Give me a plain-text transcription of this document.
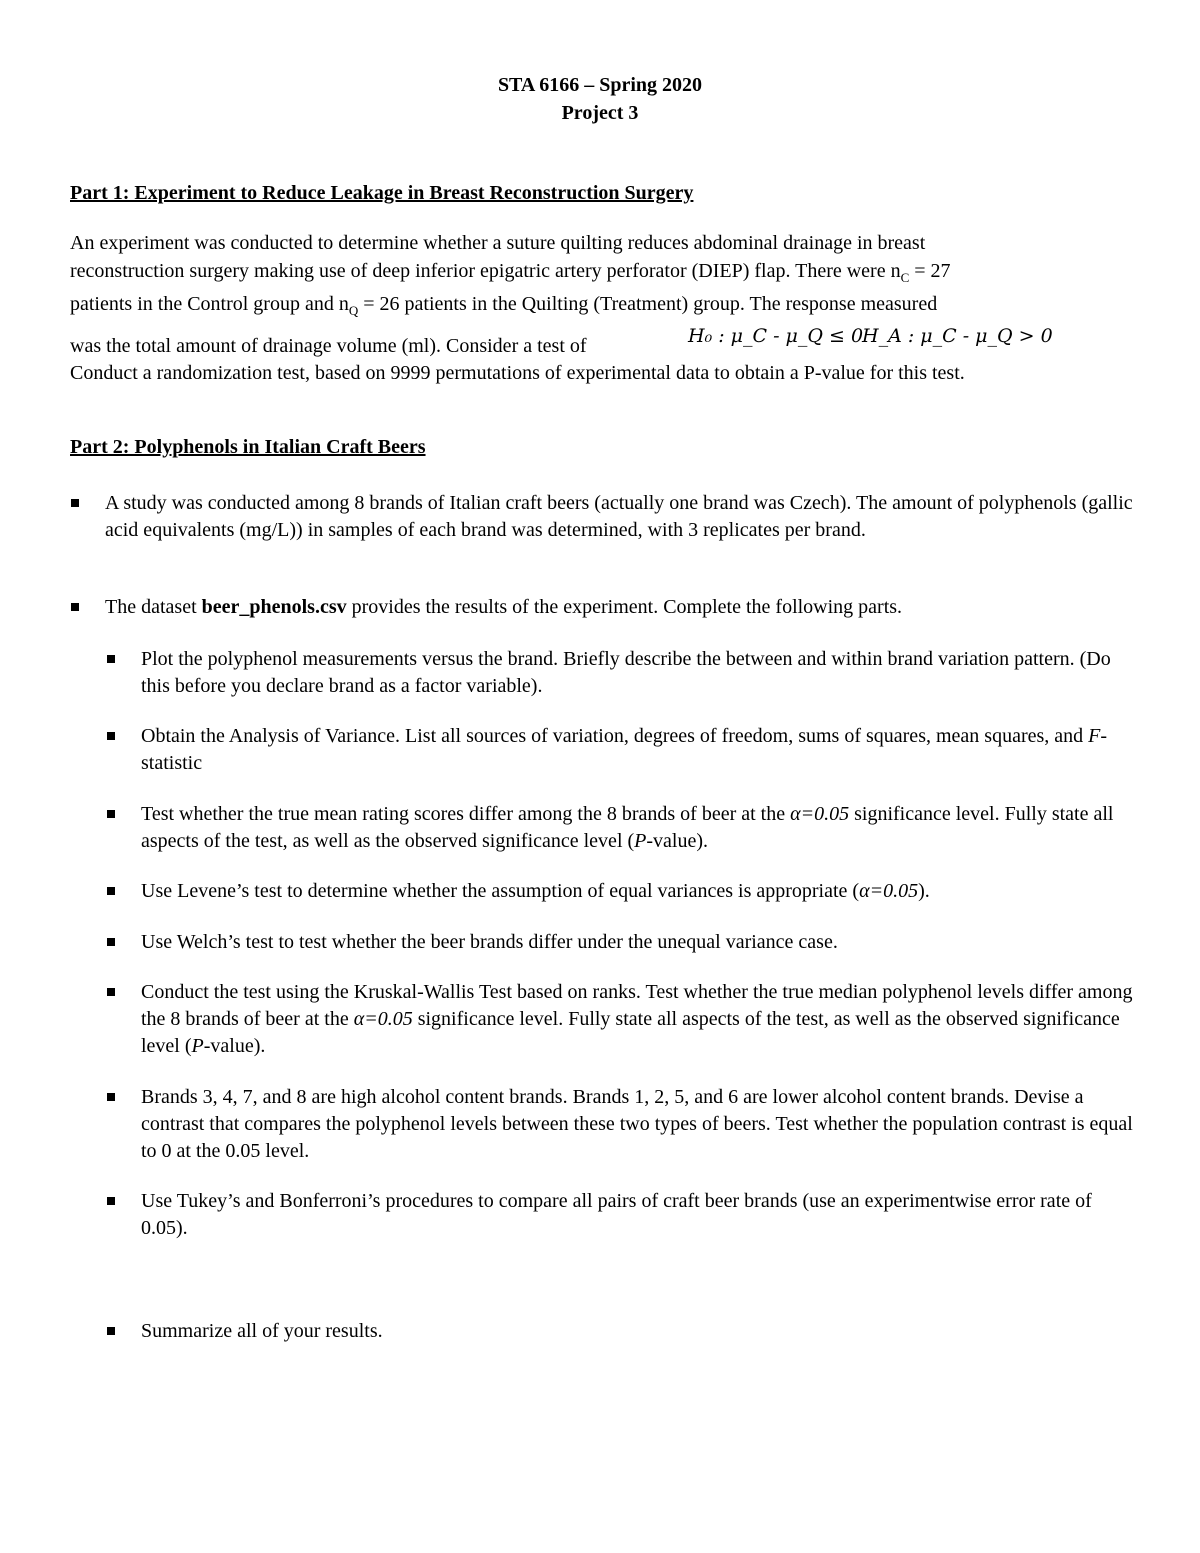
STA 6166 – Spring 2020
Project 3
Part 1: Experiment to Reduce Leakage in Breast Reconstruction Surgery
An experiment was conducted to determine whether a suture quilting reduces abdominal drainage in breast
reconstruction surgery making use of deep inferior epigatric artery perforator (DIEP) flap. There were $n_C = 27$
patients in the Control group and $n_Q = 26$ patients in the Quilting (Treatment) group. The response measured
was the total amount of drainage volume (ml). Consider a test of	H₀ : μ_C - μ_Q ≤ 0
H_A : μ_C - μ_Q > 0
Conduct a randomization test, based on 9999 permutations of experimental data to obtain a P-value for this test.
Part 2: Polyphenols in Italian Craft Beers
A study was conducted among 8 brands of Italian craft beers (actually one brand was Czech). The amount of polyphenols (gallic acid equivalents (mg/L)) in samples of each brand was determined, with 3 replicates per brand.
The dataset beer_phenols.csv provides the results of the experiment. Complete the following parts.
Plot the polyphenol measurements versus the brand. Briefly describe the between and within brand variation pattern. (Do this before you declare brand as a factor variable).
Obtain the Analysis of Variance. List all sources of variation, degrees of freedom, sums of squares, mean squares, and F-statistic
Test whether the true mean rating scores differ among the 8 brands of beer at the α=0.05 significance level. Fully state all aspects of the test, as well as the observed significance level (P-value).
Use Levene’s test to determine whether the assumption of equal variances is appropriate (α=0.05).
Use Welch’s test to test whether the beer brands differ under the unequal variance case.
Conduct the test using the Kruskal-Wallis Test based on ranks. Test whether the true median polyphenol levels differ among the 8 brands of beer at the α=0.05 significance level. Fully state all aspects of the test, as well as the observed significance level (P-value).
Brands 3, 4, 7, and 8 are high alcohol content brands. Brands 1, 2, 5, and 6 are lower alcohol content brands. Devise a contrast that compares the polyphenol levels between these two types of beers. Test whether the population contrast is equal to 0 at the 0.05 level.
Use Tukey’s and Bonferroni’s procedures to compare all pairs of craft beer brands (use an experimentwise error rate of 0.05).
Summarize all of your results.
